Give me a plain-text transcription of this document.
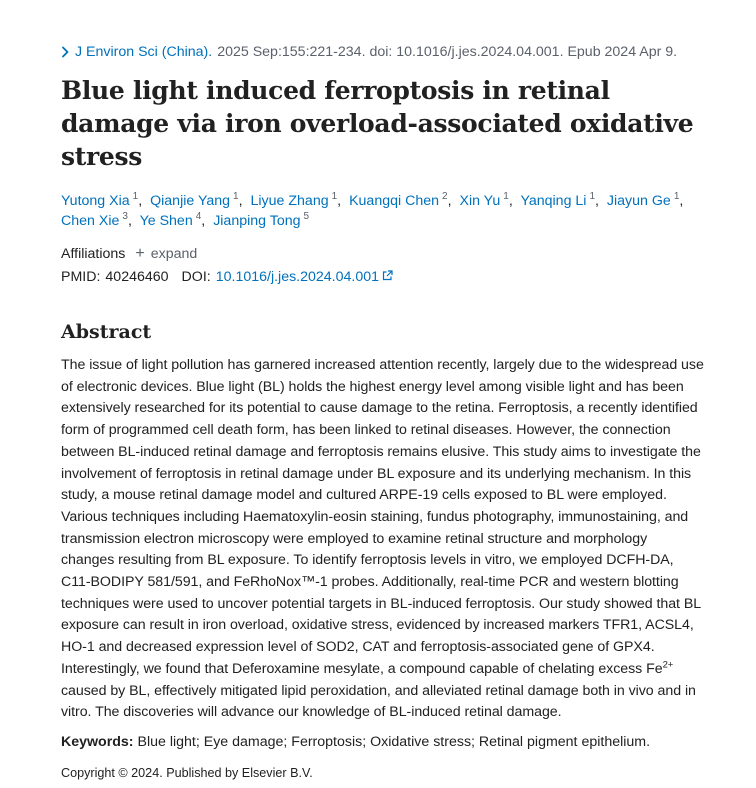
J Environ Sci (China). 2025 Sep:155:221-234. doi: 10.1016/j.jes.2024.04.001. Epub 2024 Apr 9.
Blue light induced ferroptosis in retinal damage via iron overload-associated oxidative stress
Yutong Xia $^1$, Qianjie Yang $^1$, Liyue Zhang $^1$, Kuangqi Chen $^2$, Xin Yu $^1$, Yanqing Li $^1$, Jiayun Ge $^1$, Chen Xie $^3$, Ye Shen $^4$, Jianping Tong $^5$
Affiliations + expand
PMID: 40246460 DOI: 10.1016/j.jes.2024.04.001
Abstract

The issue of light pollution has garnered increased attention recently, largely due to the widespread use of electronic devices. Blue light (BL) holds the highest energy level among visible light and has been extensively researched for its potential to cause damage to the retina. Ferroptosis, a recently identified form of programmed cell death form, has been linked to retinal diseases. However, the connection between BL-induced retinal damage and ferroptosis remains elusive. This study aims to investigate the involvement of ferroptosis in retinal damage under BL exposure and its underlying mechanism. In this study, a mouse retinal damage model and cultured ARPE-19 cells exposed to BL were employed. Various techniques including Haematoxylin-eosin staining, fundus photography, immunostaining, and transmission electron microscopy were employed to examine retinal structure and morphology changes resulting from BL exposure. To identify ferroptosis levels in vitro, we employed DCFH-DA, C11-BODIPY 581/591, and FeRhoNox™-1 probes. Additionally, real-time PCR and western blotting techniques were used to uncover potential targets in BL-induced ferroptosis. Our study showed that BL exposure can result in iron overload, oxidative stress, evidenced by increased markers TFR1, ACSL4, HO-1 and decreased expression level of SOD2, CAT and ferroptosis-associated gene of GPX4. Interestingly, we found that Deferoxamine mesylate, a compound capable of chelating excess $Fe^{2+}$ caused by BL, effectively mitigated lipid peroxidation, and alleviated retinal damage both in vivo and in vitro. The discoveries will advance our knowledge of BL-induced retinal damage.

Keywords: Blue light; Eye damage; Ferroptosis; Oxidative stress; Retinal pigment epithelium.

Copyright © 2024. Published by Elsevier B.V.
